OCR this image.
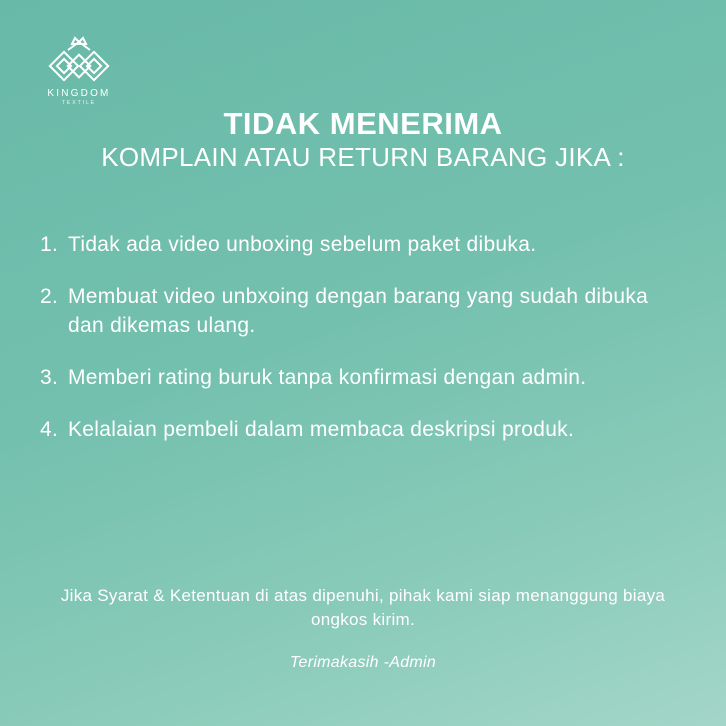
KINGDOM
TEXTILE
TIDAK MENERIMA
KOMPLAIN ATAU RETURN BARANG JIKA :
1. Tidak ada video unboxing sebelum paket dibuka.
2. Membuat video unbxoing dengan barang yang sudah dibuka dan dikemas ulang.
3. Memberi rating buruk tanpa konfirmasi dengan admin.
4. Kelalaian pembeli dalam membaca deskripsi produk.
Jika Syarat & Ketentuan di atas dipenuhi, pihak kami siap menanggung biaya ongkos kirim.
Terimakasih -Admin
